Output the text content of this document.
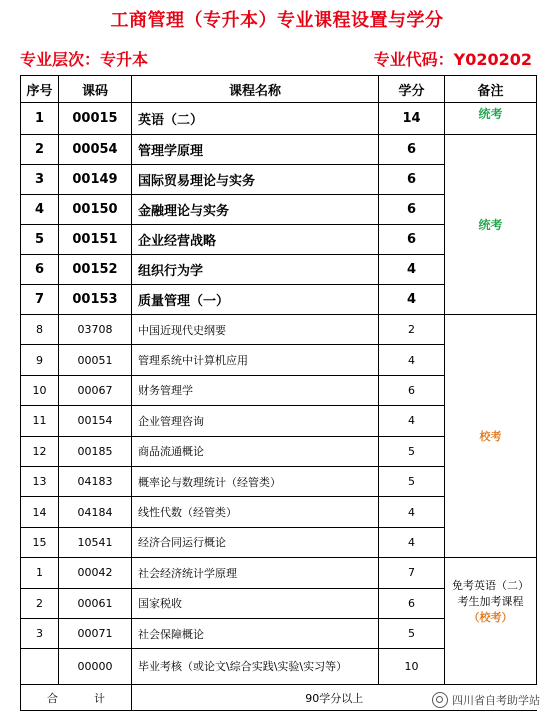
工商管理（专升本）专业课程设置与学分
专业层次：专升本	专业代码：Y020202
序号	课码	课程名称	学分	备注
1	00015	英语（二）	14	统考
2	00054	管理学原理	6	统考
3	00149	国际贸易理论与实务	6	
4	00150	金融理论与实务	6	
5	00151	企业经营战略	6	
6	00152	组织行为学	4	
7	00153	质量管理（一）	4	
8	03708	中国近现代史纲要	2	校考
9	00051	管理系统中计算机应用	4	
10	00067	财务管理学	6	
11	00154	企业管理咨询	4	
12	00185	商品流通概论	5	
13	04183	概率论与数理统计（经管类）	5	
14	04184	线性代数（经管类）	4	
15	10541	经济合同运行概论	4	
1	00042	社会经济统计学原理	7	免考英语（二）
考生加考课程
（校考）

2	00061	国家税收	6	
3	00071	社会保障概论	5	
	00000	毕业考核（或论文\综合实践\实验\实习等）	10	
合 计		90学分以上			四川省自考助学站
